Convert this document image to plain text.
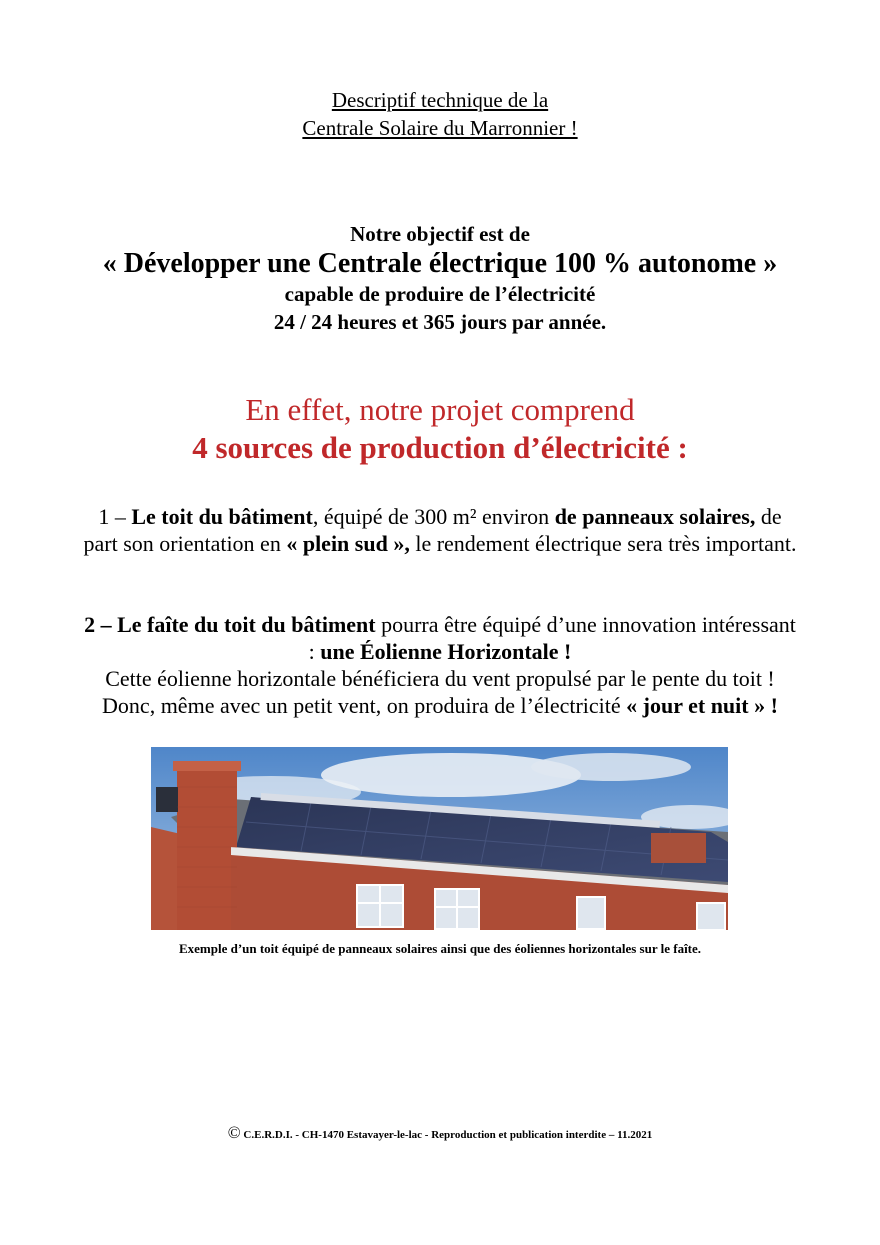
Descriptif technique de la
Centrale Solaire du Marronnier !
Notre objectif est de
« Développer une Centrale électrique 100 % autonome »
capable de produire de l’électricité
24 / 24 heures et 365 jours par année.
En effet, notre projet comprend
4 sources de production d’électricité :
1 – Le toit du bâtiment, équipé de 300 m² environ de panneaux solaires, de part son orientation en « plein sud », le rendement électrique sera très important.
2 – Le faîte du toit du bâtiment pourra être équipé d’une innovation intéressant : une Éolienne Horizontale !
Cette éolienne horizontale bénéficiera du vent propulsé par le pente du toit ! Donc, même avec un petit vent, on produira de l’électricité « jour et nuit » !
Exemple d’un toit équipé de panneaux solaires ainsi que des éoliennes horizontales sur le faîte.
© C.E.R.D.I. - CH-1470 Estavayer-le-lac - Reproduction et publication interdite – 11.2021
